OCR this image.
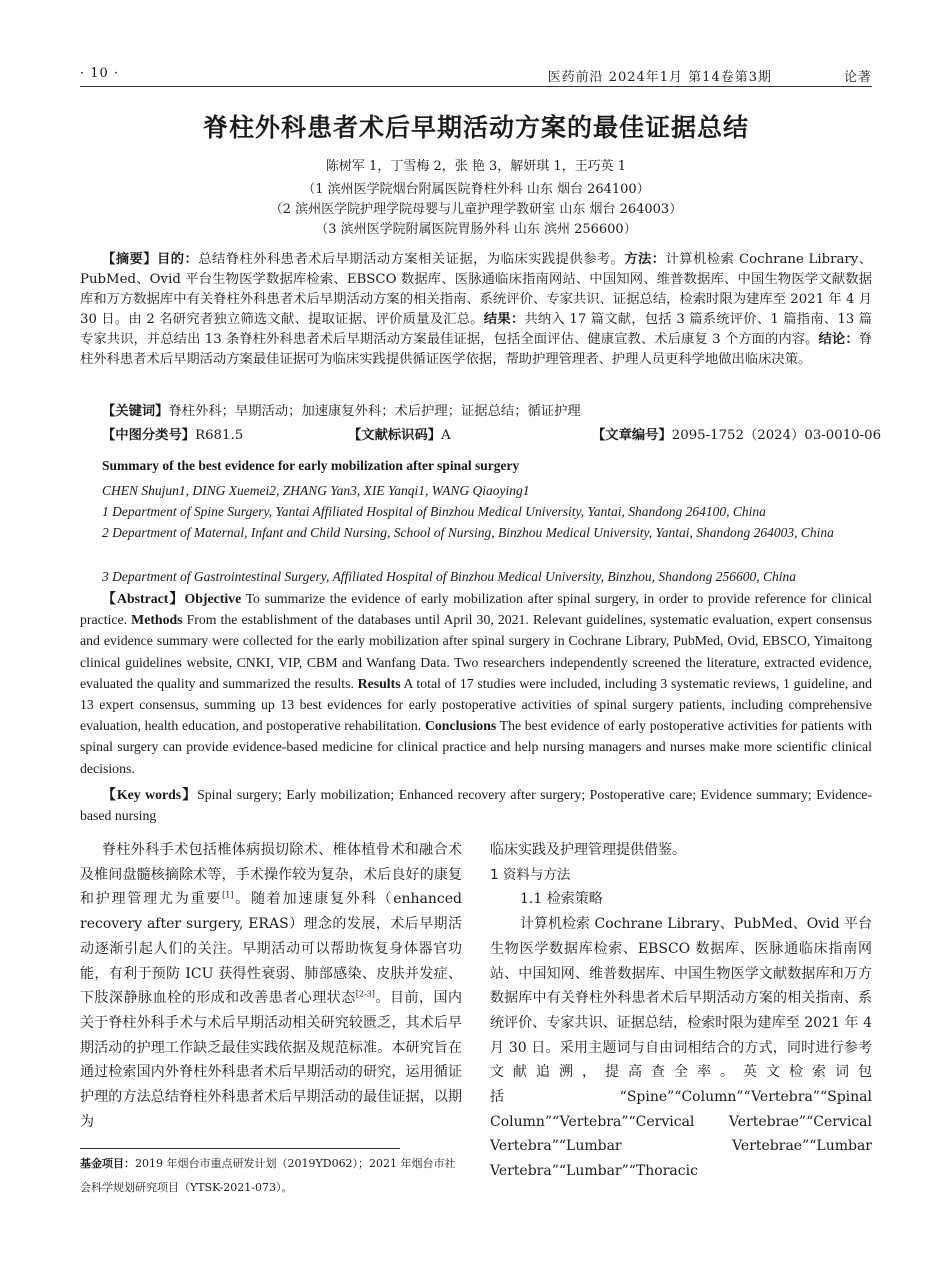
· 10 ·	医药前沿 2024年1月 第14卷第3期	论著
脊柱外科患者术后早期活动方案的最佳证据总结
陈树军 1，丁雪梅 2，张 艳 3，解妍琪 1，王巧英 1
（1 滨州医学院烟台附属医院脊柱外科 山东 烟台 264100）
（2 滨州医学院护理学院母婴与儿童护理学教研室 山东 烟台 264003）
（3 滨州医学院附属医院胃肠外科 山东 滨州 256600）
【摘要】目的：总结脊柱外科患者术后早期活动方案相关证据，为临床实践提供参考。方法：计算机检索 Cochrane Library、PubMed、Ovid 平台生物医学数据库检索、EBSCO 数据库、医脉通临床指南网站、中国知网、维普数据库、中国生物医学文献数据库和万方数据库中有关脊柱外科患者术后早期活动方案的相关指南、系统评价、专家共识、证据总结，检索时限为建库至 2021 年 4 月 30 日。由 2 名研究者独立筛选文献、提取证据、评价质量及汇总。结果：共纳入 17 篇文献，包括 3 篇系统评价、1 篇指南、13 篇专家共识，并总结出 13 条脊柱外科患者术后早期活动方案最佳证据，包括全面评估、健康宣教、术后康复 3 个方面的内容。结论：脊柱外科患者术后早期活动方案最佳证据可为临床实践提供循证医学依据，帮助护理管理者、护理人员更科学地做出临床决策。
【关键词】脊柱外科；早期活动；加速康复外科；术后护理；证据总结；循证护理
【中图分类号】R681.5	【文献标识码】A	【文章编号】2095-1752（2024）03-0010-06
Summary of the best evidence for early mobilization after spinal surgery
CHEN Shujun1, DING Xuemei2, ZHANG Yan3, XIE Yanqi1, WANG Qiaoying1
1 Department of Spine Surgery, Yantai Affiliated Hospital of Binzhou Medical University, Yantai, Shandong 264100, China
2 Department of Maternal, Infant and Child Nursing, School of Nursing, Binzhou Medical University, Yantai, Shandong 264003, China
3 Department of Gastrointestinal Surgery, Affiliated Hospital of Binzhou Medical University, Binzhou, Shandong 256600, China
【Abstract】Objective To summarize the evidence of early mobilization after spinal surgery, in order to provide reference for clinical practice. Methods From the establishment of the databases until April 30, 2021. Relevant guidelines, systematic evaluation, expert consensus and evidence summary were collected for the early mobilization after spinal surgery in Cochrane Library, PubMed, Ovid, EBSCO, Yimaitong clinical guidelines website, CNKI, VIP, CBM and Wanfang Data. Two researchers independently screened the literature, extracted evidence, evaluated the quality and summarized the results. Results A total of 17 studies were included, including 3 systematic reviews, 1 guideline, and 13 expert consensus, summing up 13 best evidences for early postoperative activities of spinal surgery patients, including comprehensive evaluation, health education, and postoperative rehabilitation. Conclusions The best evidence of early postoperative activities for patients with spinal surgery can provide evidence-based medicine for clinical practice and help nursing managers and nurses make more scientific clinical decisions.
【Key words】Spinal surgery; Early mobilization; Enhanced recovery after surgery; Postoperative care; Evidence summary; Evidence-based nursing
脊柱外科手术包括椎体病损切除术、椎体植骨术和融合术及椎间盘髓核摘除术等，手术操作较为复杂，术后良好的康复和护理管理尤为重要[1]。随着加速康复外科（enhanced recovery after surgery, ERAS）理念的发展，术后早期活动逐渐引起人们的关注。早期活动可以帮助恢复身体器官功能，有利于预防 ICU 获得性衰弱、肺部感染、皮肤并发症、下肢深静脉血栓的形成和改善患者心理状态[2-3]。目前，国内关于脊柱外科手术与术后早期活动相关研究较匮乏，其术后早期活动的护理工作缺乏最佳实践依据及规范标准。本研究旨在通过检索国内外脊柱外科患者术后早期活动的研究，运用循证护理的方法总结脊柱外科患者术后早期活动的最佳证据，以期为

临床实践及护理管理提供借鉴。

1 资料与方法

1.1 检索策略

计算机检索 Cochrane Library、PubMed、Ovid 平台生物医学数据库检索、EBSCO 数据库、医脉通临床指南网站、中国知网、维普数据库、中国生物医学文献数据库和万方数据库中有关脊柱外科患者术后早期活动方案的相关指南、系统评价、专家共识、证据总结，检索时限为建库至 2021 年 4 月 30 日。采用主题词与自由词相结合的方式，同时进行参考文献追溯，提高查全率。英文检索词包括“Spine”“Column”“Vertebra”“Spinal Column”“Vertebra”“Cervical Vertebrae”“Cervical Vertebra”“Lumbar Vertebrae”“Lumbar Vertebra”“Lumbar”“Thoracic

基金项目：2019 年烟台市重点研发计划（2019YD062）；2021 年烟台市社会科学规划研究项目（YTSK-2021-073）。
